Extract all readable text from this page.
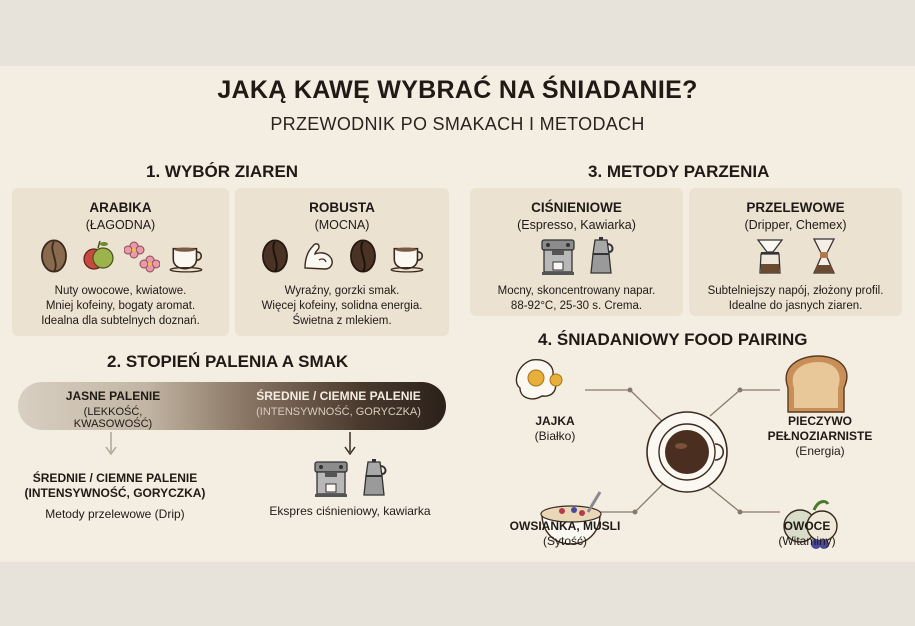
JAKĄ KAWĘ WYBRAĆ NA ŚNIADANIE?
PRZEWODNIK PO SMAKACH I METODACH
1. WYBÓR ZIAREN
ARABIKA
(ŁAGODNA)
Nuty owocowe, kwiatowe.
Mniej kofeiny, bogaty aromat.
Idealna dla subtelnych doznań.
ROBUSTA
(MOCNA)
Wyraźny, gorzki smak.
Więcej kofeiny, solidna energia.
Świetna z mlekiem.
2. STOPIEŃ PALENIA A SMAK
JASNE PALENIE
(LEKKOŚĆ, KWASOWOŚĆ)
ŚREDNIE / CIEMNE PALENIE
(INTENSYWNOŚĆ, GORYCZKA)
ŚREDNIE / CIEMNE PALENIE
(INTENSYWNOŚĆ, GORYCZKA)
Metody przelewowe (Drip)	Ekspres ciśnieniowy, kawiarka
3. METODY PARZENIA
CIŚNIENIOWE
(Espresso, Kawiarka)
Mocny, skoncentrowany napar.
88-92°C, 25-30 s. Crema.
PRZELEWOWE
(Dripper, Chemex)
Subtelniejszy napój, złożony profil.
Idealne do jasnych ziaren.
4. ŚNIADANIOWY FOOD PAIRING
JAJKA
(Białko)
PIECZYWO
PEŁNOZIARNISTE
(Energia)
OWSIANKA, MUSLI
(Sytość)
OWOCE
(Witaminy)
